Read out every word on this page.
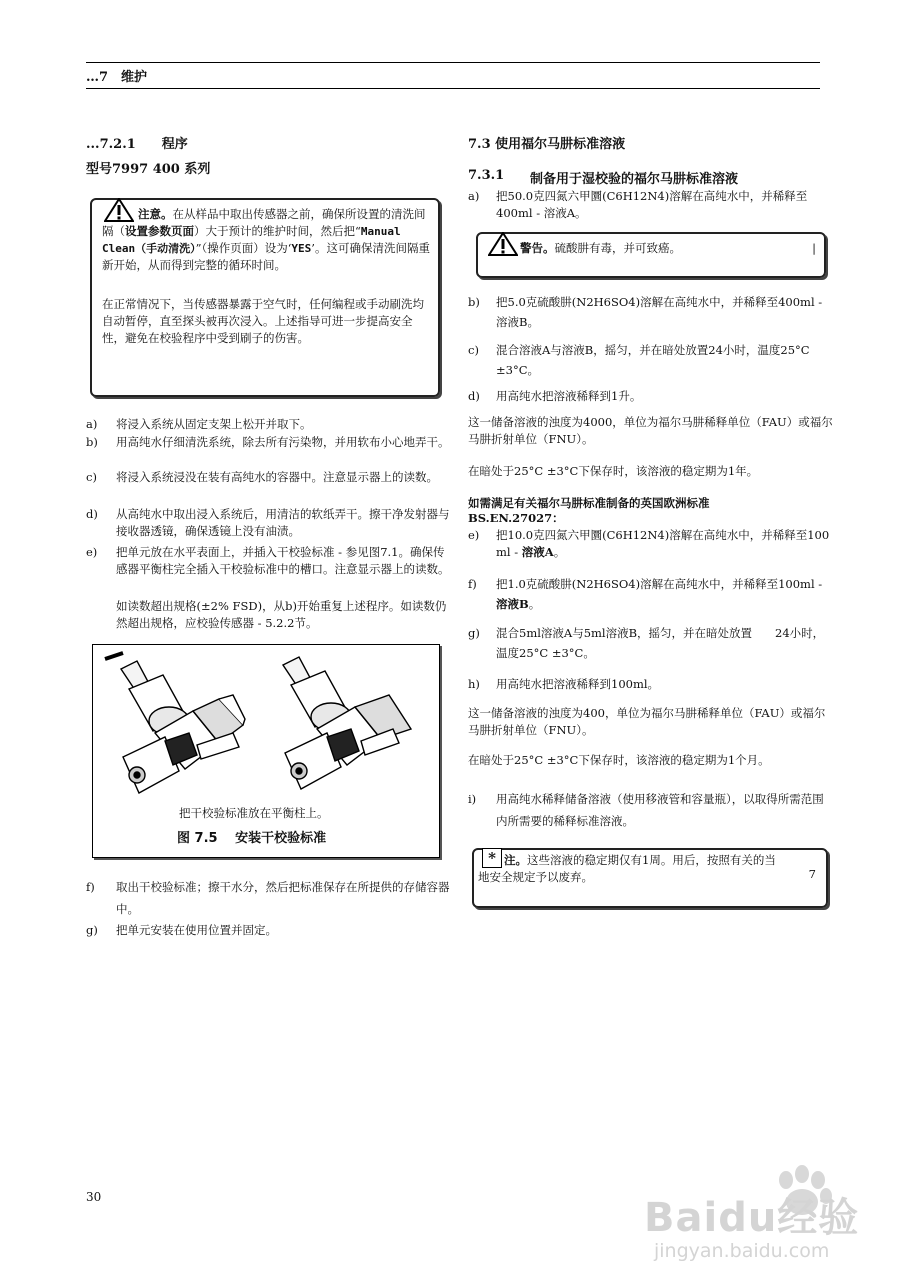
…7　维护
...7.2.1　　程序
型号7997 400 系列
注意。在从样品中取出传感器之前，确保所设置的清洗间隔（设置参数页面）大于预计的维护时间，然后把“Manual Clean（手动清洗）”（操作页面）设为‘YES’。这可确保清洗间隔重新开始，从而得到完整的循环时间。
在正常情况下，当传感器暴露于空气时，任何编程或手动刷洗均自动暂停，直至探头被再次浸入。上述指导可进一步提高安全性，避免在校验程序中受到刷子的伤害。
a)	将浸入系统从固定支架上松开并取下。
b)	用高纯水仔细清洗系统，除去所有污染物，并用软布小心地弄干。
c)	将浸入系统浸没在装有高纯水的容器中。注意显示器上的读数。
d)	从高纯水中取出浸入系统后，用清洁的软纸弄干。擦干净发射器与接收器透镜，确保透镜上没有油渍。
e)	把单元放在水平表面上，并插入干校验标准 - 参见图7.1。确保传感器平衡柱完全插入干校验标准中的槽口。注意显示器上的读数。
如读数超出规格(±2% FSD)，从b)开始重复上述程序。如读数仍然超出规格，应校验传感器 - 5.2.2节。
把干校验标准放在平衡柱上。
图 7.5　 安装干校验标准
f)	取出干校验标准；擦干水分，然后把标准保存在所提供的存储容器中。
g)	把单元安装在使用位置并固定。
7.3 使用福尔马肼标准溶液
7.3.1 制备用于湿校验的福尔马肼标准溶液
a)	把50.0克四氮六甲圜(C6H12N4)溶解在高纯水中，并稀释至400ml - 溶液A。
警告。硫酸肼有毒，并可致癌。	|
b)	把5.0克硫酸肼(N2H6SO4)溶解在高纯水中，并稀释至400ml - 溶液B。
c)	混合溶液A与溶液B，摇匀，并在暗处放置24小时，温度25°C ±3°C。
d)	用高纯水把溶液稀释到1升。
这一储备溶液的浊度为4000，单位为福尔马肼稀释单位（FAU）或福尔马肼折射单位（FNU）。
在暗处于25°C ±3°C下保存时，该溶液的稳定期为1年。
如需满足有关福尔马肼标准制备的英国欧洲标准BS.EN.27027：
e)	把10.0克四氮六甲圜(C6H12N4)溶解在高纯水中，并稀释至100 ml - 溶液A。
f)	把1.0克硫酸肼(N2H6SO4)溶解在高纯水中，并稀释至100ml - 溶液B。
g)	混合5ml溶液A与5ml溶液B，摇匀，并在暗处放置　　24小时，温度25°C ±3°C。
h)	用高纯水把溶液稀释到100ml。
这一储备溶液的浊度为400，单位为福尔马肼稀释单位（FAU）或福尔马肼折射单位（FNU）。
在暗处于25°C ±3°C下保存时，该溶液的稳定期为1个月。
i)	用高纯水稀释储备溶液（使用移液管和容量瓶），以取得所需范围内所需要的稀释标准溶液。
* 注。这些溶液的稳定期仅有1周。用后，按照有关的当地安全规定予以废弃。	7
30	Baidu经验
jingyan.baidu.com
